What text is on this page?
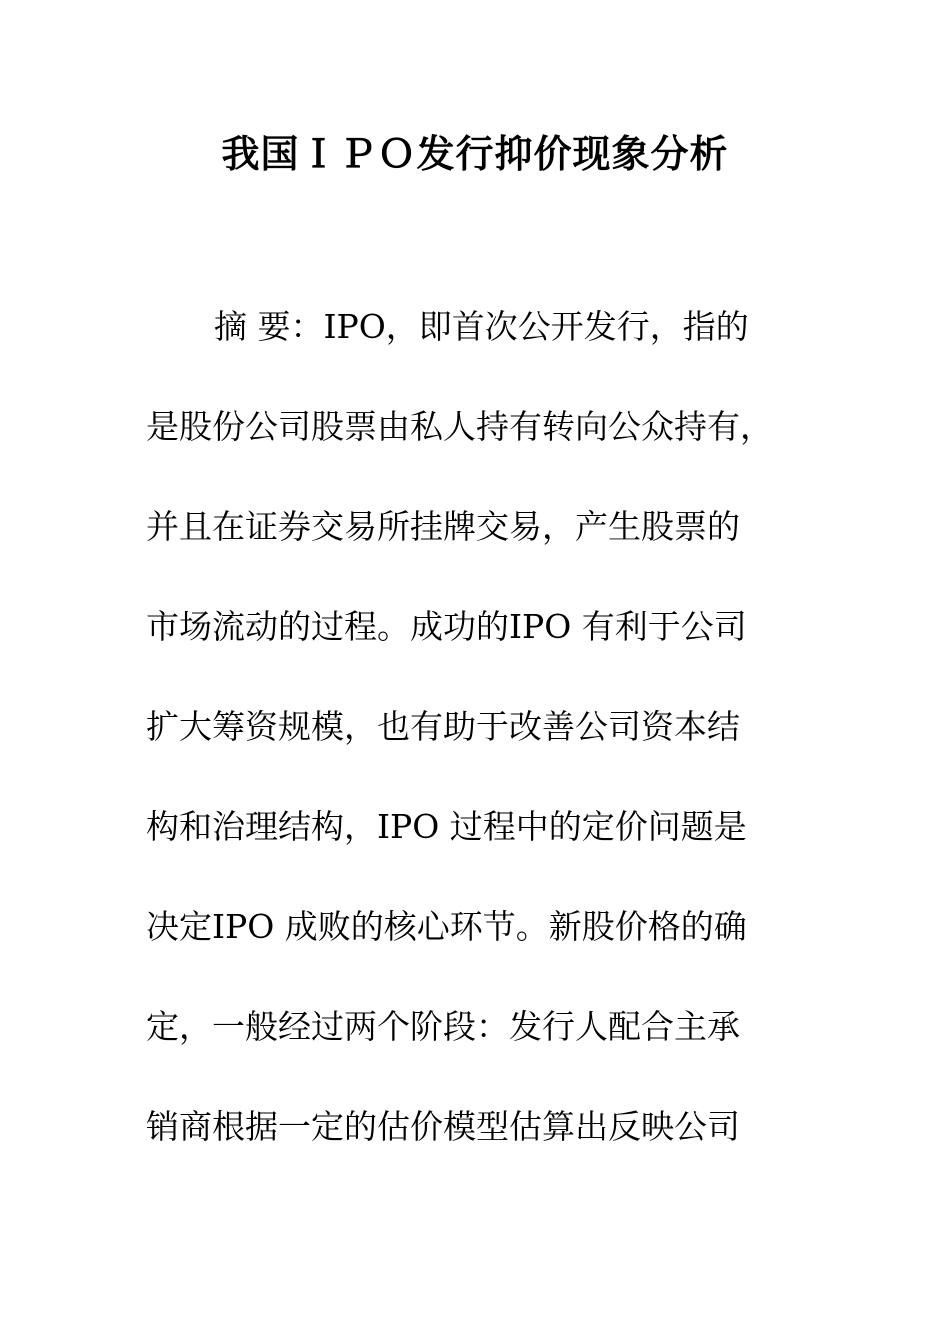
我国ＩＰＯ发行抑价现象分析
摘 要：IPO，即首次公开发行，指的
是股份公司股票由私人持有转向公众持有，
并且在证券交易所挂牌交易，产生股票的
市场流动的过程。成功的IPO 有利于公司
扩大筹资规模，也有助于改善公司资本结
构和治理结构，IPO 过程中的定价问题是
决定IPO 成败的核心环节。新股价格的确
定，一般经过两个阶段：发行人配合主承
销商根据一定的估价模型估算出反映公司
